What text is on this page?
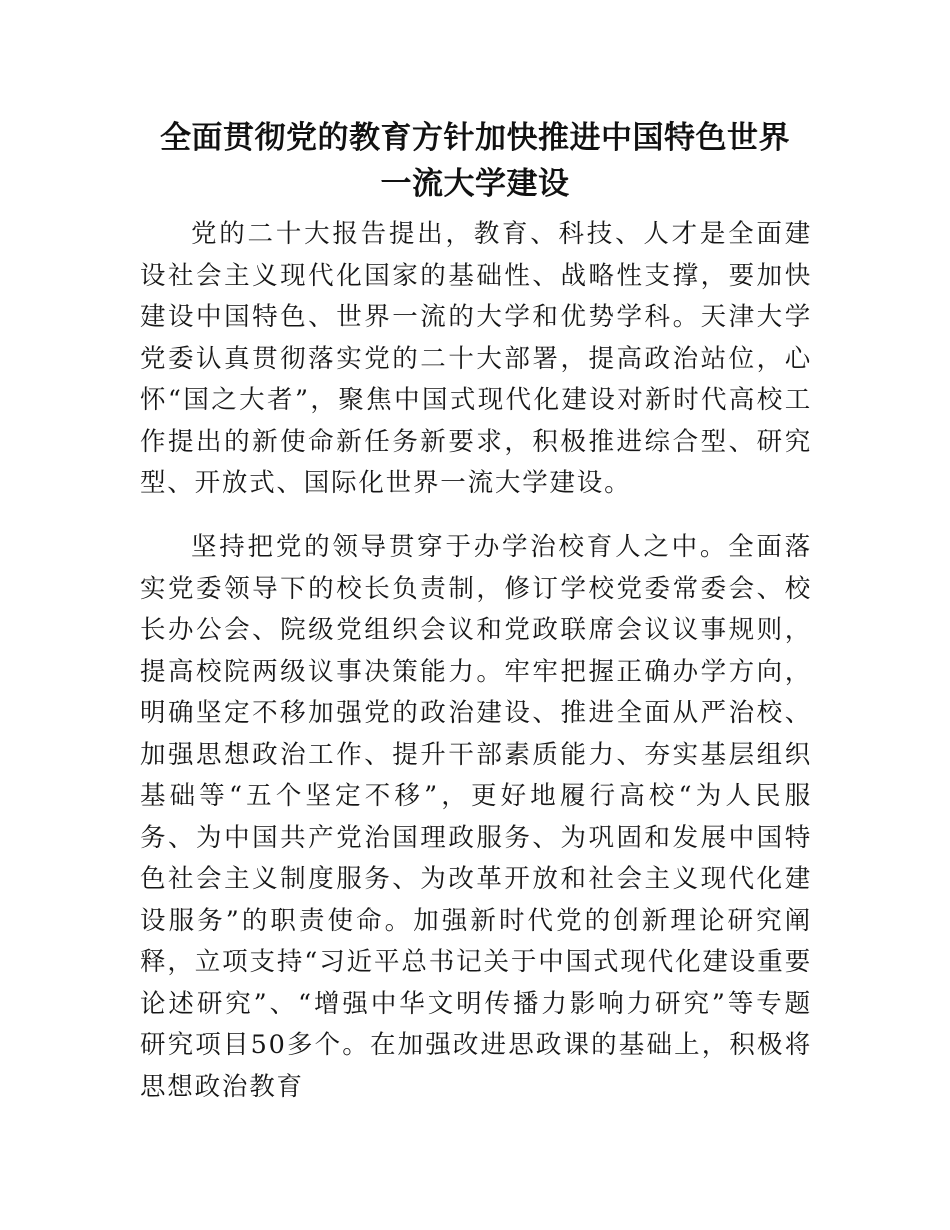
全面贯彻党的教育方针加快推进中国特色世界
一流大学建设

党的二十大报告提出，教育、科技、人才是全面建设社会主义现代化国家的基础性、战略性支撑，要加快建设中国特色、世界一流的大学和优势学科。天津大学党委认真贯彻落实党的二十大部署，提高政治站位，心怀“国之大者”，聚焦中国式现代化建设对新时代高校工作提出的新使命新任务新要求，积极推进综合型、研究型、开放式、国际化世界一流大学建设。

坚持把党的领导贯穿于办学治校育人之中。全面落实党委领导下的校长负责制，修订学校党委常委会、校长办公会、院级党组织会议和党政联席会议议事规则，提高校院两级议事决策能力。牢牢把握正确办学方向，明确坚定不移加强党的政治建设、推进全面从严治校、加强思想政治工作、提升干部素质能力、夯实基层组织基础等“五个坚定不移”，更好地履行高校“为人民服务、为中国共产党治国理政服务、为巩固和发展中国特色社会主义制度服务、为改革开放和社会主义现代化建设服务”的职责使命。加强新时代党的创新理论研究阐释，立项支持“习近平总书记关于中国式现代化建设重要论述研究”、“增强中华文明传播力影响力研究”等专题研究项目50多个。在加强改进思政课的基础上，积极将思想政治教育
